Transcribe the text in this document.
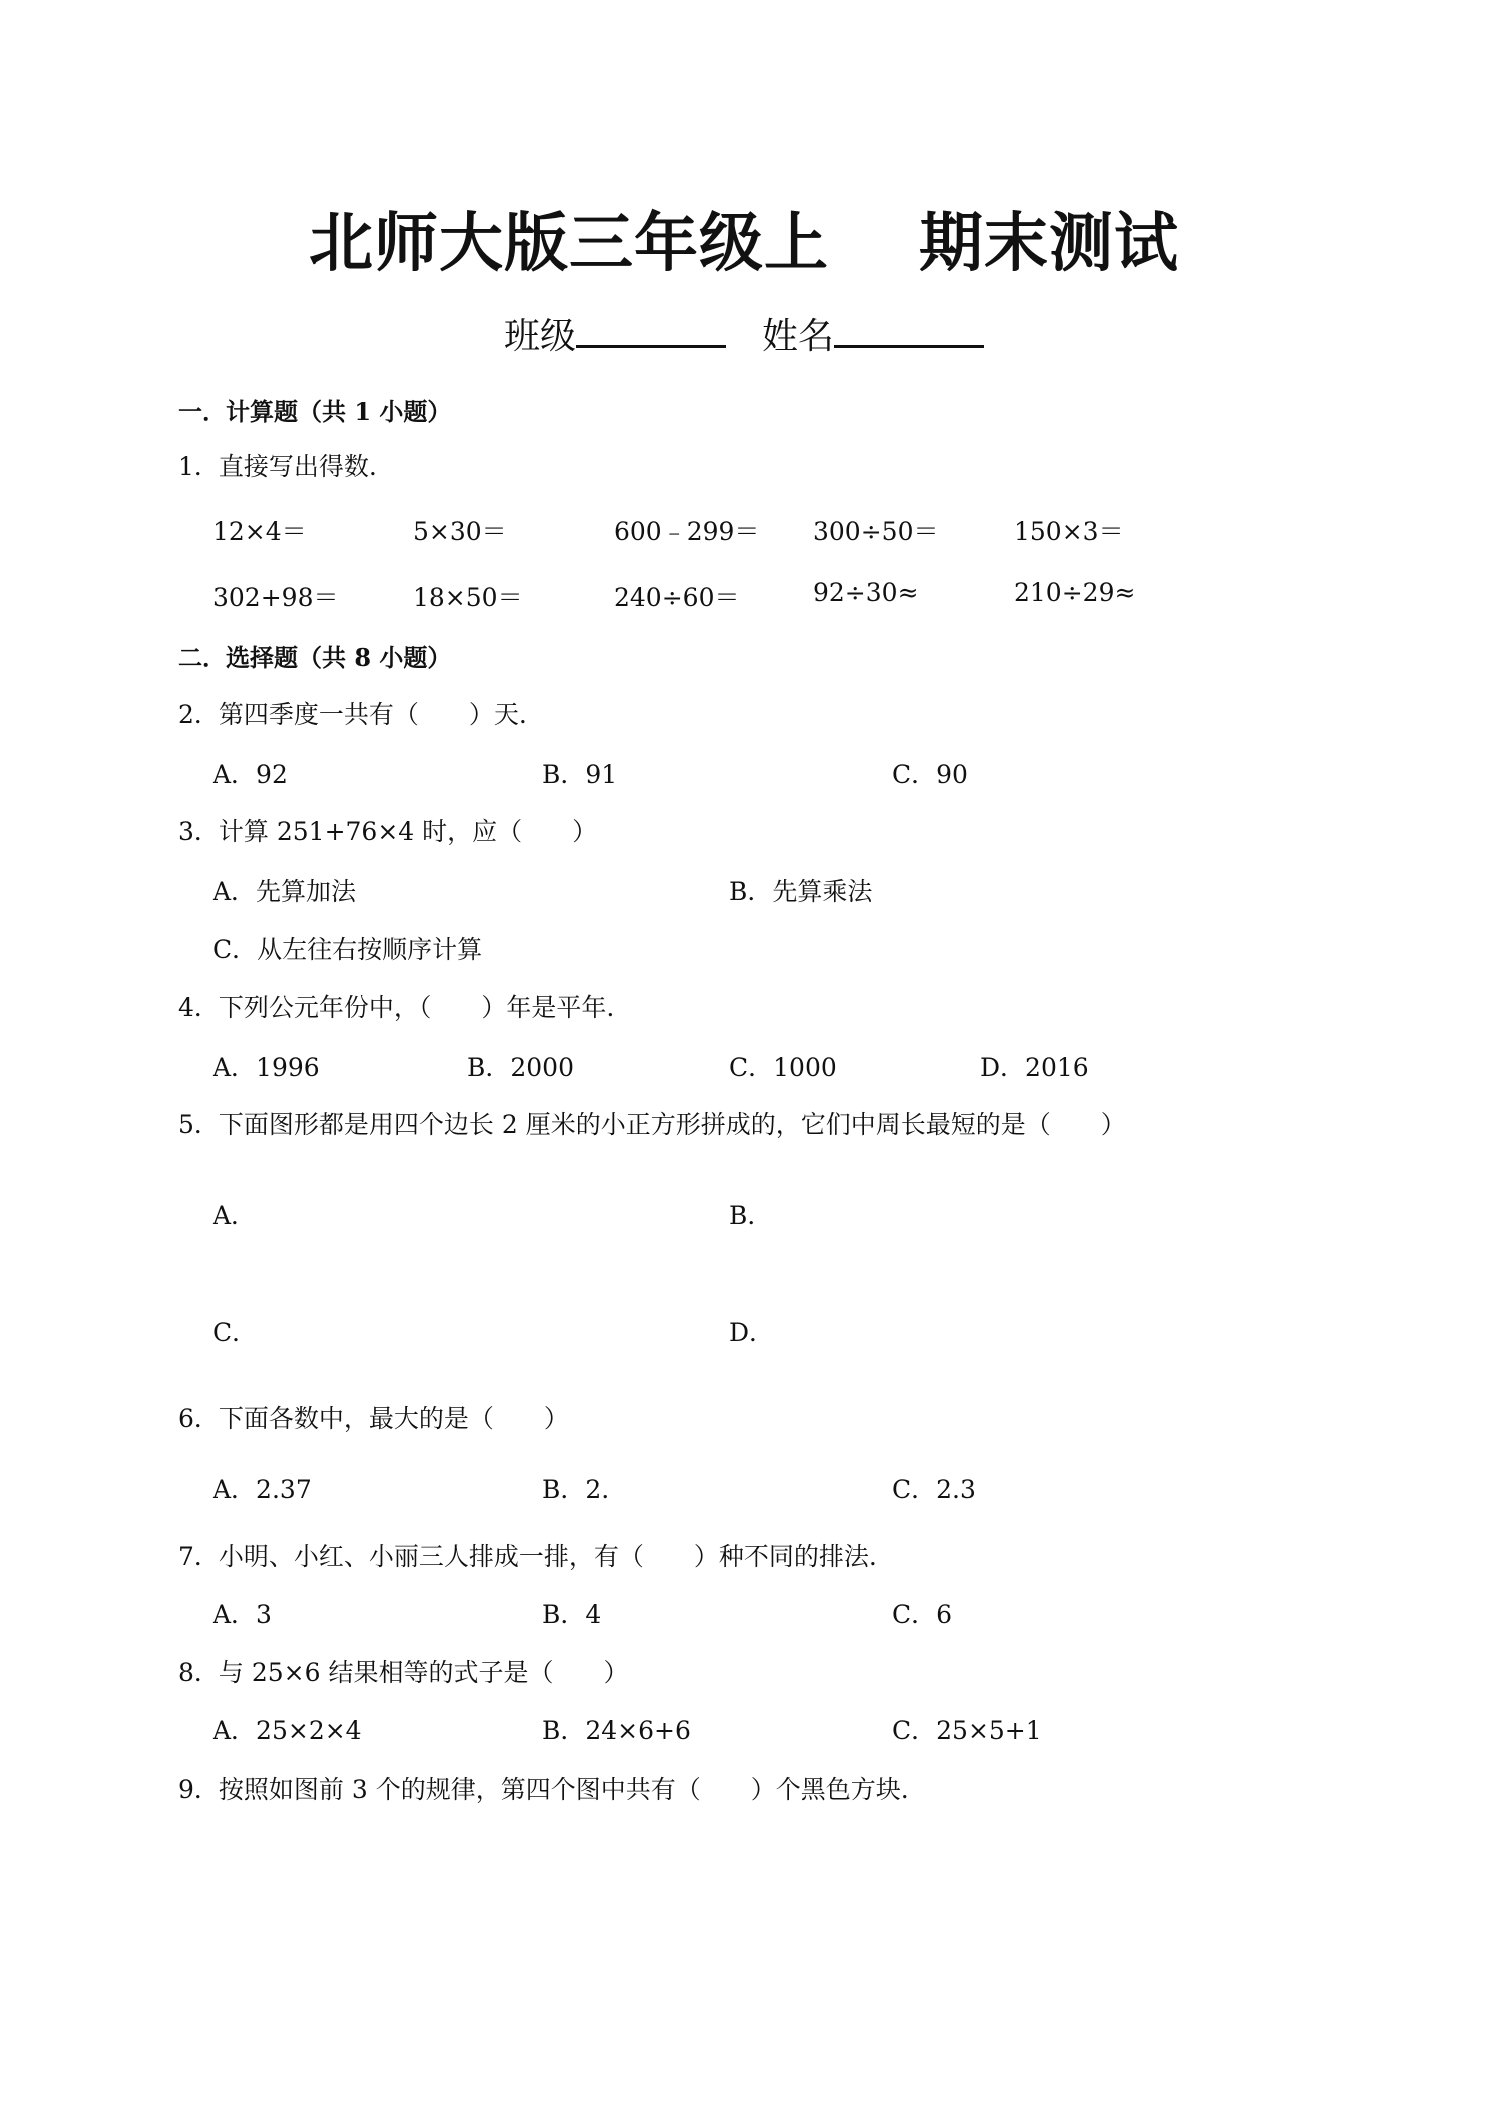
北师大版三年级上 期末测试
班级	姓名
一．计算题（共 1 小题）
1．直接写出得数.
12×4＝	5×30＝	600﹣299＝ 300÷50＝	150×3＝
302+98＝	18×50＝	240÷60＝	92÷30≈	210÷29≈
二．选择题（共 8 小题）
2．第四季度一共有（　　）天.
A．92	B．91	C．90
3．计算 251+76×4 时，应（　　）
A．先算加法	B．先算乘法
C．从左往右按顺序计算
4．下列公元年份中，（　　）年是平年.
A．1996	B．2000	C．1000	D．2016
5．下面图形都是用四个边长 2 厘米的小正方形拼成的，它们中周长最短的是（　　）
A．	B．
C．	D．
6．下面各数中，最大的是（　　）
A．2.37	B．2.	C．2.3
7．小明、小红、小丽三人排成一排，有（　　）种不同的排法.
A．3	B．4	C．6
8．与 25×6 结果相等的式子是（　　）
A．25×2×4	B．24×6+6	C．25×5+1
9．按照如图前 3 个的规律，第四个图中共有（　　）个黑色方块.
